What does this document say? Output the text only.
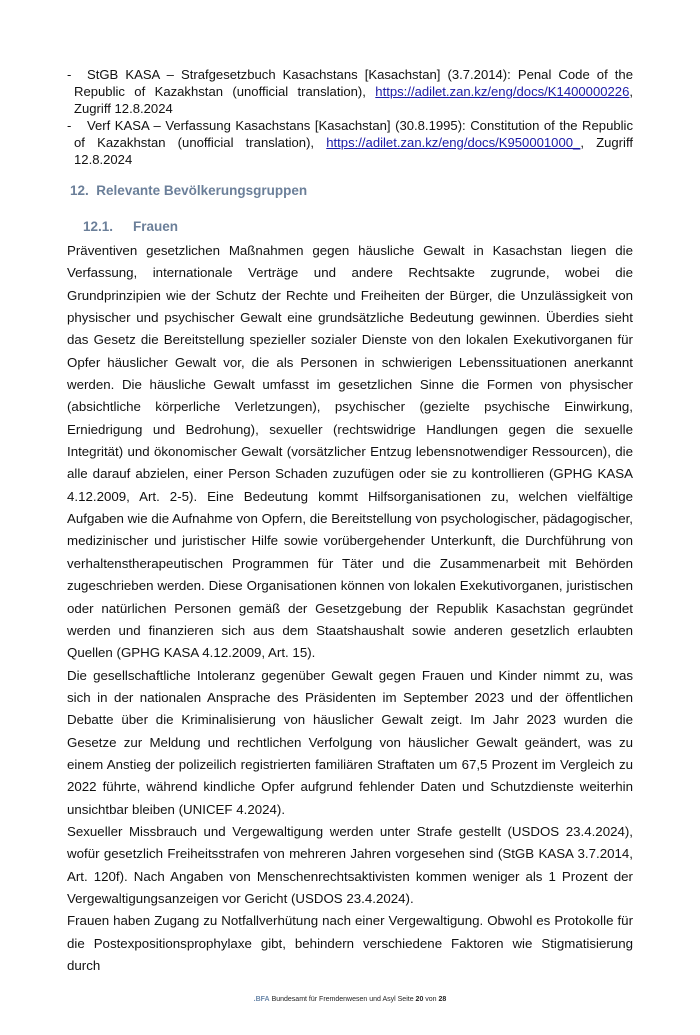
- StGB KASA – Strafgesetzbuch Kasachstans [Kasachstan] (3.7.2014): Penal Code of the Republic of Kazakhstan (unofficial translation), https://adilet.zan.kz/eng/docs/K1400000226, Zugriff 12.8.2024
- Verf KASA – Verfassung Kasachstans [Kasachstan] (30.8.1995): Constitution of the Republic of Kazakhstan (unofficial translation), https://adilet.zan.kz/eng/docs/K950001000_, Zugriff 12.8.2024
12. Relevante Bevölkerungsgruppen
12.1. Frauen

Präventiven gesetzlichen Maßnahmen gegen häusliche Gewalt in Kasachstan liegen die Verfassung, internationale Verträge und andere Rechtsakte zugrunde, wobei die Grundprinzipien wie der Schutz der Rechte und Freiheiten der Bürger, die Unzulässigkeit von physischer und psychischer Gewalt eine grundsätzliche Bedeutung gewinnen. Überdies sieht das Gesetz die Bereitstellung spezieller sozialer Dienste von den lokalen Exekutivorganen für Opfer häuslicher Gewalt vor, die als Personen in schwierigen Lebenssituationen anerkannt werden. Die häusliche Gewalt umfasst im gesetzlichen Sinne die Formen von physischer (absichtliche körperliche Verletzungen), psychischer (gezielte psychische Einwirkung, Erniedrigung und Bedrohung), sexueller (rechtswidrige Handlungen gegen die sexuelle Integrität) und ökonomischer Gewalt (vorsätzlicher Entzug lebensnotwendiger Ressourcen), die alle darauf abzielen, einer Person Schaden zuzufügen oder sie zu kontrollieren (GPHG KASA 4.12.2009, Art. 2-5). Eine Bedeutung kommt Hilfsorganisationen zu, welchen vielfältige Aufgaben wie die Aufnahme von Opfern, die Bereitstellung von psychologischer, pädagogischer, medizinischer und juristischer Hilfe sowie vorübergehender Unterkunft, die Durchführung von verhaltenstherapeutischen Programmen für Täter und die Zusammenarbeit mit Behörden zugeschrieben werden. Diese Organisationen können von lokalen Exekutivorganen, juristischen oder natürlichen Personen gemäß der Gesetzgebung der Republik Kasachstan gegründet werden und finanzieren sich aus dem Staatshaushalt sowie anderen gesetzlich erlaubten Quellen (GPHG KASA 4.12.2009, Art. 15).

Die gesellschaftliche Intoleranz gegenüber Gewalt gegen Frauen und Kinder nimmt zu, was sich in der nationalen Ansprache des Präsidenten im September 2023 und der öffentlichen Debatte über die Kriminalisierung von häuslicher Gewalt zeigt. Im Jahr 2023 wurden die Gesetze zur Meldung und rechtlichen Verfolgung von häuslicher Gewalt geändert, was zu einem Anstieg der polizeilich registrierten familiären Straftaten um 67,5 Prozent im Vergleich zu 2022 führte, während kindliche Opfer aufgrund fehlender Daten und Schutzdienste weiterhin unsichtbar bleiben (UNICEF 4.2024).

Sexueller Missbrauch und Vergewaltigung werden unter Strafe gestellt (USDOS 23.4.2024), wofür gesetzlich Freiheitsstrafen von mehreren Jahren vorgesehen sind (StGB KASA 3.7.2014, Art. 120f). Nach Angaben von Menschenrechtsaktivisten kommen weniger als 1 Prozent der Vergewaltigungsanzeigen vor Gericht (USDOS 23.4.2024).

Frauen haben Zugang zu Notfallverhütung nach einer Vergewaltigung. Obwohl es Protokolle für die Postexpositionsprophylaxe gibt, behindern verschiedene Faktoren wie Stigmatisierung durch

.BFA Bundesamt für Fremdenwesen und Asyl Seite 20 von 28
